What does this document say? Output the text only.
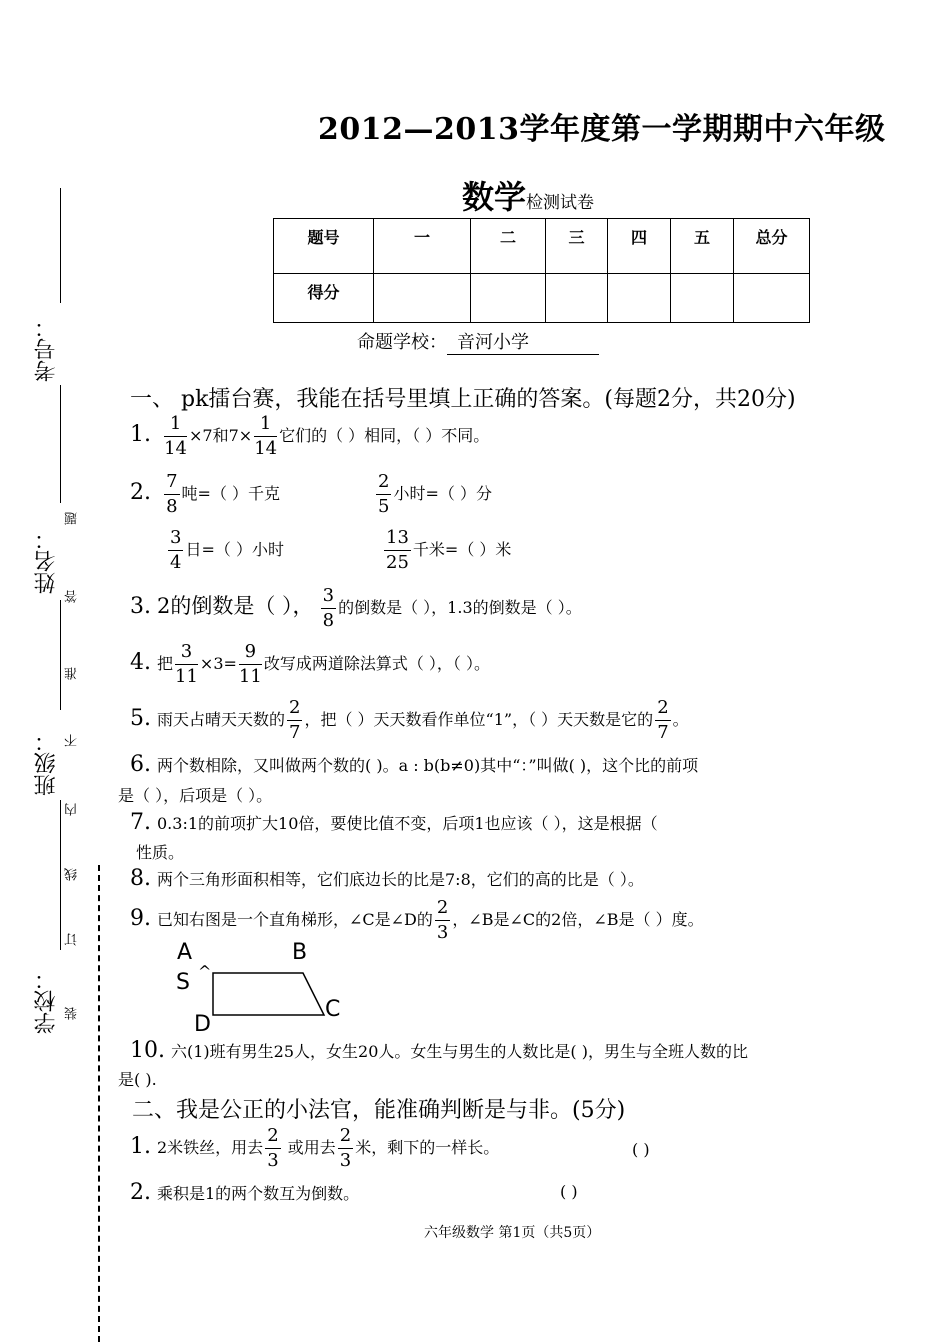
2012—2013学年度第一学期期中六年级
数学检测试卷
题号	一	二	三	四	五	总分
得分						
命题学校： 音河小学
考号：
姓名：
班级：
学校：
题
答
准
不
内
线
订
装
一、 pk擂台赛，我能在括号里填上正确的答案。(每题2分，共20分)
1. $\frac{1}{14} \times 7$和$7\times \frac{1}{14}$ 它们的（ ）相同，（ ）不同。
2. $\frac{7}{8}$ 吨=（ ）千克	$\frac{2}{5}$ 小时=（ ）分
$\frac{3}{4}$ 日=（ ）小时	$\frac{13}{25}$ 千米=（ ）米
3. 2的倒数是（ ）， $\frac{3}{8}$ 的倒数是（ ），1.3的倒数是（ ）。
4. 把 $\frac{3}{11} \times 3= \frac{9}{11}$ 改写成两道除法算式（ ），（ ）。
5. 雨天占晴天天数的 $\frac{2}{7}$ ，把（ ）天天数看作单位“1”，（ ）天天数是它的 $\frac{2}{7}$ 。
6. 两个数相除，又叫做两个数的( )。a : b(b≠0)其中“：”叫做( )，这个比的前项
是（ ），后项是（ ）。
7. 0.3:1的前项扩大10倍，要使比值不变，后项1也应该（ ），这是根据（
性质。
8. 两个三角形面积相等，它们底边长的比是7:8，它们的高的比是（ ）。
9. 已知右图是一个直角梯形，∠C是∠D的 $\frac{2}{3}$ ，∠B是∠C的2倍，∠B是（ ）度。
A	B
S ^
C
D
10. 六(1)班有男生25人，女生20人。女生与男生的人数比是( )，男生与全班人数的比
是( ).
二、我是公正的小法官，能准确判断是与非。(5分)
1. 2米铁丝，用去 $\frac{2}{3}$ 或用去 $\frac{2}{3}$ 米，剩下的一样长。	( )
2. 乘积是1的两个数互为倒数。	( )
六年级数学 第1页（共5页）
